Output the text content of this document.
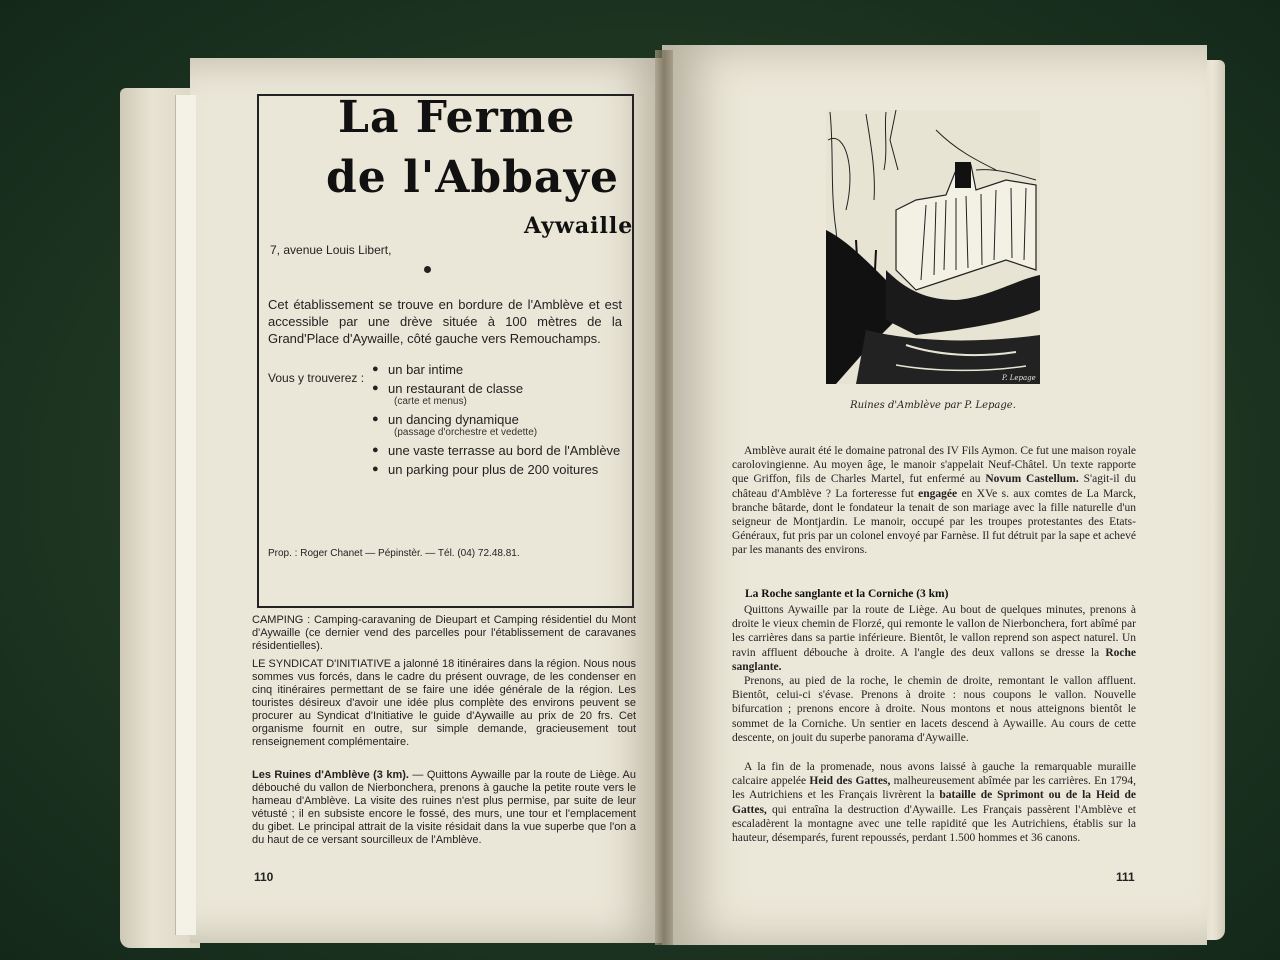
La Ferme
de l'Abbaye
Aywaille
7, avenue Louis Libert,
Cet établissement se trouve en bordure de l'Amblève et est accessible par une drève située à 100 mètres de la Grand'Place d'Aywaille, côté gauche vers Remouchamps.
Vous y trouverez :
● un bar intime
● un restaurant de classe
(carte et menus)
● un dancing dynamique
(passage d'orchestre et vedette)
● une vaste terrasse au bord de l'Amblève
● un parking pour plus de 200 voitures
Prop. : Roger Chanet — Pépinstèr. — Tél. (04) 72.48.81.
CAMPING : Camping-caravaning de Dieupart et Camping résidentiel du Mont d'Aywaille (ce dernier vend des parcelles pour l'établissement de caravanes résidentielles).
LE SYNDICAT D'INITIATIVE a jalonné 18 itinéraires dans la région. Nous nous sommes vus forcés, dans le cadre du présent ouvrage, de les condenser en cinq itinéraires permettant de se faire une idée générale de la région. Les touristes désireux d'avoir une idée plus complète des environs peuvent se procurer au Syndicat d'Initiative le guide d'Aywaille au prix de 20 frs. Cet organisme fournit en outre, sur simple demande, gracieusement tout renseignement complémentaire.
Les Ruines d'Amblève (3 km). — Quittons Aywaille par la route de Liège. Au débouché du vallon de Nierbonchera, prenons à gauche la petite route vers le hameau d'Amblève. La visite des ruines n'est plus permise, par suite de leur vétusté ; il en subsiste encore le fossé, des murs, une tour et l'emplacement du gibet. Le principal attrait de la visite résidait dans la vue superbe que l'on a du haut de ce versant sourcilleux de l'Amblève.
110
P. Lepage
Ruines d'Amblève par P. Lepage.
Amblève aurait été le domaine patronal des IV Fils Aymon. Ce fut une maison royale carolovingienne. Au moyen âge, le manoir s'appelait Neuf-Châtel. Un texte rapporte que Griffon, fils de Charles Martel, fut enfermé au Novum Castellum. S'agit-il du château d'Amblève ? La forteresse fut engagée en XVe s. aux comtes de La Marck, branche bâtarde, dont le fondateur la tenait de son mariage avec la fille naturelle d'un seigneur de Montjardin. Le manoir, occupé par les troupes protestantes des Etats-Généraux, fut pris par un colonel envoyé par Farnèse. Il fut détruit par la sape et achevé par les manants des environs.
La Roche sanglante et la Corniche (3 km)
Quittons Aywaille par la route de Liège. Au bout de quelques minutes, prenons à droite le vieux chemin de Florzé, qui remonte le vallon de Nierbonchera, fort abîmé par les carrières dans sa partie inférieure. Bientôt, le vallon reprend son aspect naturel. Un ravin affluent débouche à droite. A l'angle des deux vallons se dresse la Roche sanglante.
Prenons, au pied de la roche, le chemin de droite, remontant le vallon affluent. Bientôt, celui-ci s'évase. Prenons à droite : nous coupons le vallon. Nouvelle bifurcation ; prenons encore à droite. Nous montons et nous atteignons bientôt le sommet de la Corniche. Un sentier en lacets descend à Aywaille. Au cours de cette descente, on jouit du superbe panorama d'Aywaille.
A la fin de la promenade, nous avons laissé à gauche la remarquable muraille calcaire appelée Heid des Gattes, malheureusement abîmée par les carrières. En 1794, les Autrichiens et les Français livrèrent la bataille de Sprimont ou de la Heid de Gattes, qui entraîna la destruction d'Aywaille. Les Français passèrent l'Amblève et escaladèrent la montagne avec une telle rapidité que les Autrichiens, établis sur la hauteur, désemparés, furent repoussés, perdant 1.500 hommes et 36 canons.
111
